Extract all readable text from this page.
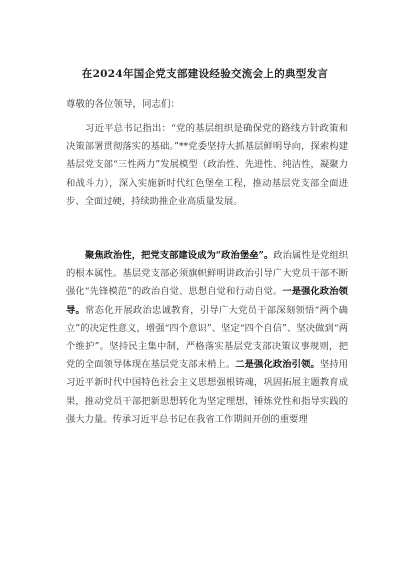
在2024年国企党支部建设经验交流会上的典型发言
尊敬的各位领导，同志们：

习近平总书记指出：“党的基层组织是确保党的路线方针政策和决策部署贯彻落实的基础。”**党委坚持大抓基层鲜明导向，探索构建基层党支部“三性两力”发展模型（政治性、先进性、纯洁性，凝聚力和战斗力），深入实施新时代红色堡垒工程，推动基层党支部全面进步、全面过硬，持续助推企业高质量发展。

聚焦政治性，把党支部建设成为“政治堡垒”。政治属性是党组织的根本属性。基层党支部必须旗帜鲜明讲政治引导广大党员干部不断强化“先锋模范”的政治自觉、思想自觉和行动自觉。一是强化政治领导。常态化开展政治忠诚教育，引导广大党员干部深刻领悟“两个确立”的决定性意义，增强“四个意识”、坚定“四个自信”、坚决做到“两个维护”。坚持民主集中制，严格落实基层党支部决策议事规则，把党的全面领导体现在基层党支部末梢上。二是强化政治引领。坚持用习近平新时代中国特色社会主义思想强根铸魂，巩固拓展主题教育成果，推动党员干部把新思想转化为坚定理想、锤炼党性和指导实践的强大力量。传承习近平总书记在我省工作期间开创的重要理
